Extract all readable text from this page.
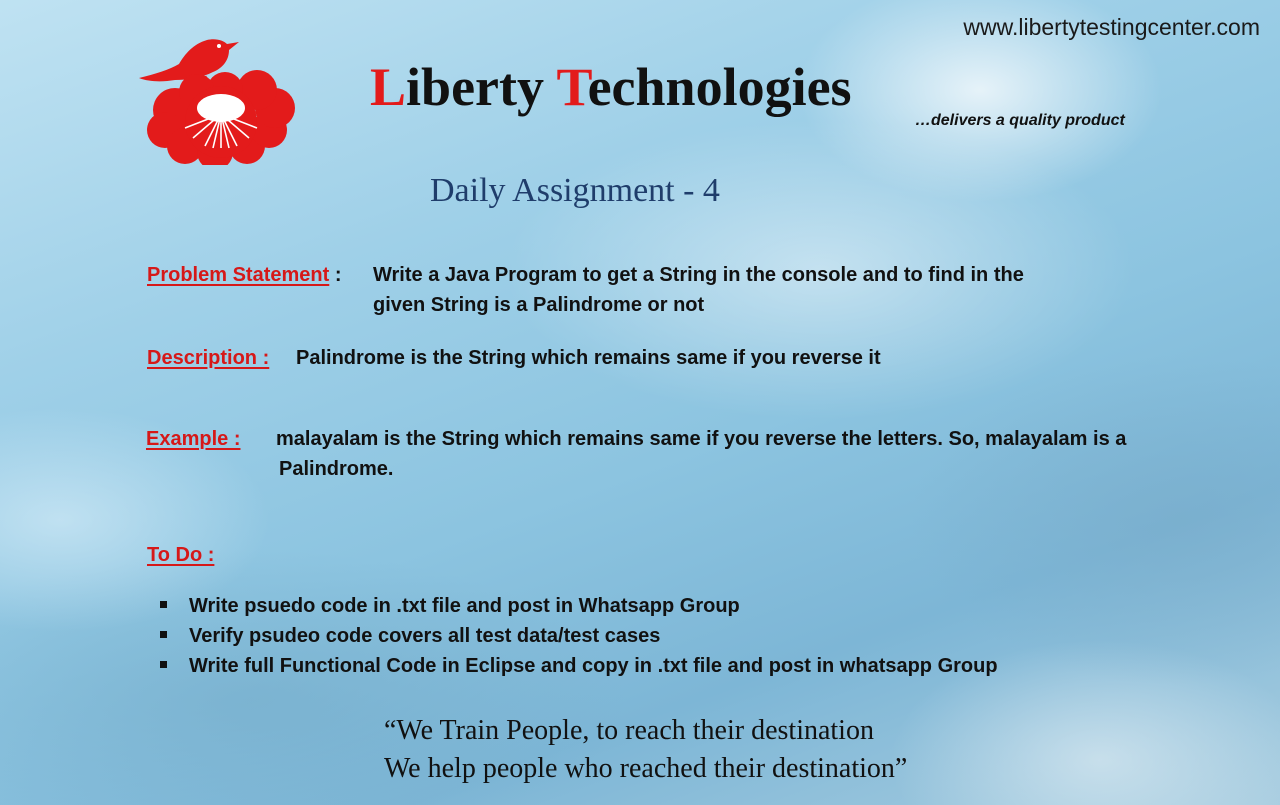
www.libertytestingcenter.com
Liberty Technologies
…delivers a quality product
Daily Assignment - 4
Problem Statement : Write a Java Program to get a String in the console and to find in the
given String is a Palindrome or not
Description : Palindrome is the String which remains same if you reverse it
Example : malayalam is the String which remains same if you reverse the letters. So, malayalam is a
Palindrome.
To Do :
Write psuedo code in .txt file and post in Whatsapp Group
Verify psudeo code covers all test data/test cases
Write full Functional Code in Eclipse and copy in .txt file and post in whatsapp Group
“We Train People, to reach their destination
We help people who reached their destination”
